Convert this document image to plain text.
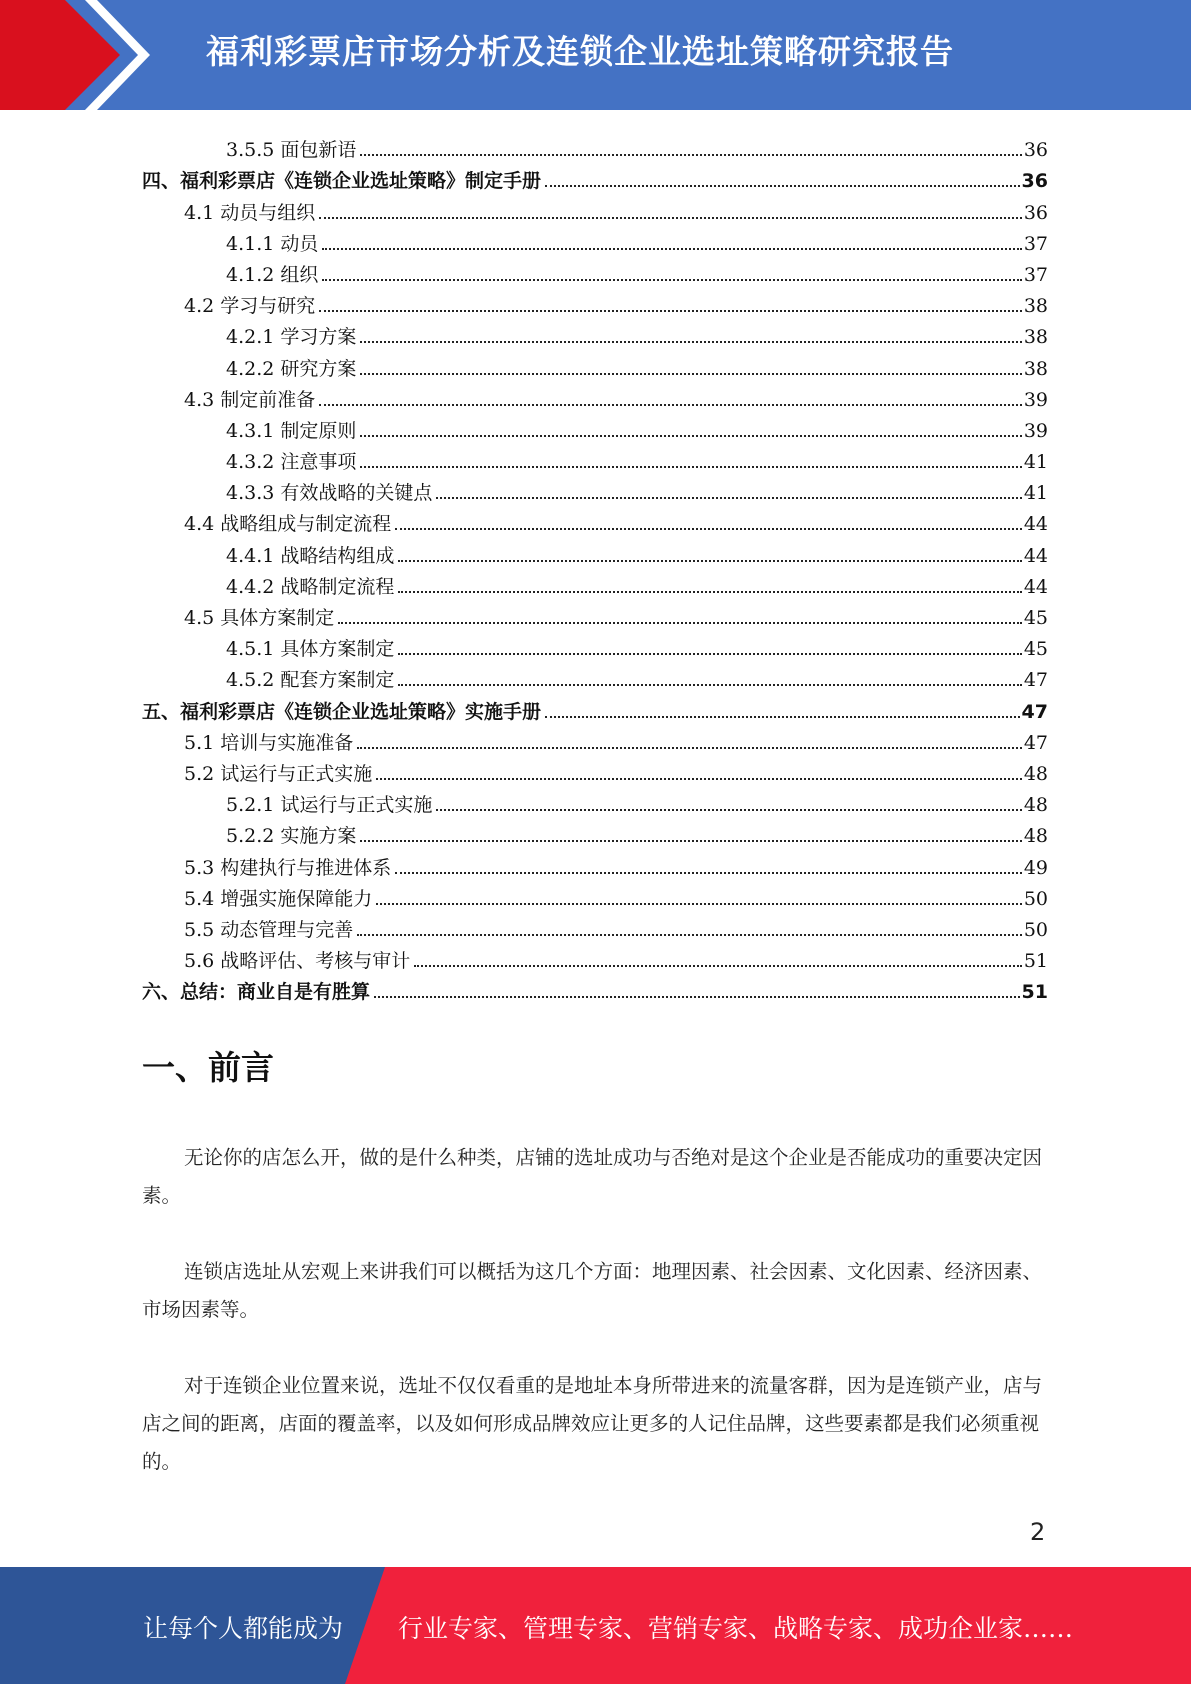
福利彩票店市场分析及连锁企业选址策略研究报告
3.5.5 面包新语	36
四、福利彩票店《连锁企业选址策略》制定手册	36
4.1 动员与组织	36
4.1.1 动员	37
4.1.2 组织	37
4.2 学习与研究	38
4.2.1 学习方案	38
4.2.2 研究方案	38
4.3 制定前准备	39
4.3.1 制定原则	39
4.3.2 注意事项	41
4.3.3 有效战略的关键点	41
4.4 战略组成与制定流程	44
4.4.1 战略结构组成	44
4.4.2 战略制定流程	44
4.5 具体方案制定	45
4.5.1 具体方案制定	45
4.5.2 配套方案制定	47
五、福利彩票店《连锁企业选址策略》实施手册	47
5.1 培训与实施准备	47
5.2 试运行与正式实施	48
5.2.1 试运行与正式实施	48
5.2.2 实施方案	48
5.3 构建执行与推进体系	49
5.4 增强实施保障能力	50
5.5 动态管理与完善	50
5.6 战略评估、考核与审计	51
六、总结：商业自是有胜算	51
一、前言

无论你的店怎么开，做的是什么种类，店铺的选址成功与否绝对是这个企业是否能成功的重要决定因素。

连锁店选址从宏观上来讲我们可以概括为这几个方面：地理因素、社会因素、文化因素、经济因素、市场因素等。

对于连锁企业位置来说，选址不仅仅看重的是地址本身所带进来的流量客群，因为是连锁产业，店与店之间的距离，店面的覆盖率，以及如何形成品牌效应让更多的人记住品牌，这些要素都是我们必须重视的。

2
让每个人都能成为 行业专家、管理专家、营销专家、战略专家、成功企业家……
